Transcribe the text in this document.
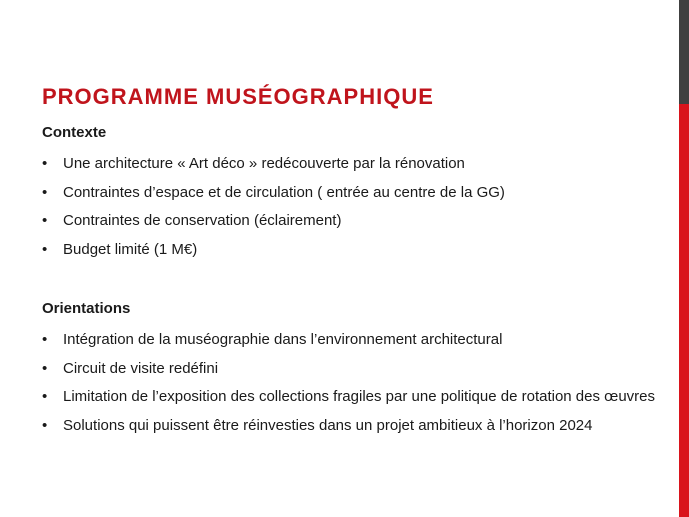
PROGRAMME MUSÉOGRAPHIQUE
Contexte
•	Une architecture « Art déco » redécouverte par la rénovation
•	Contraintes d’espace et de circulation ( entrée au centre de la GG)
•	Contraintes de conservation (éclairement)
•	Budget limité (1 M€)
Orientations
•	Intégration de la muséographie dans l’environnement architectural
•	Circuit de visite redéfini
•	Limitation de l’exposition des collections fragiles par une politique de rotation des œuvres
•	Solutions qui puissent être réinvesties dans un projet ambitieux à l’horizon 2024
